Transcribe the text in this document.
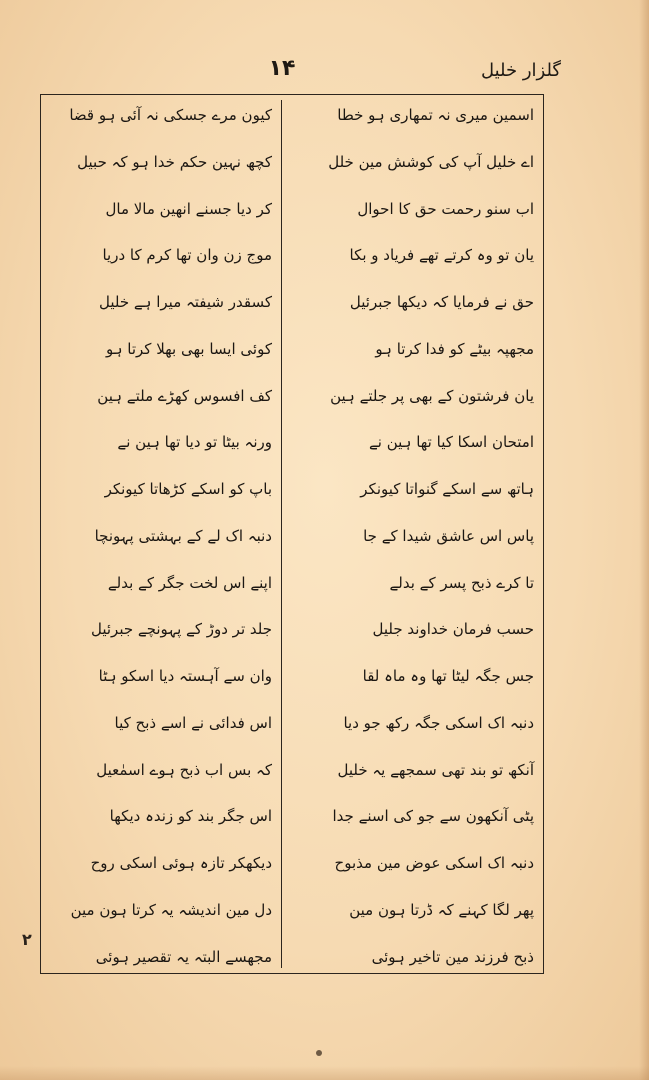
گلزار خلیل
۱۴
اسمین میری نہ تمھاری ہو خطا
اے خلیل آپ کی کوشش مین خلل
اب سنو رحمت حق کا احوال
یان تو وہ کرتے تھے فریاد و بکا
حق نے فرمایا کہ دیکھا جبرئیل
مجھپہ بیٹے کو فدا کرتا ہو
یان فرشتون کے بھی پر جلتے ہین
امتحان اسکا کیا تھا ہین نے
ہاتھ سے اسکے گنواتا کیونکر
پاس اس عاشق شیدا کے جا
تا کرے ذبح پسر کے بدلے
حسب فرمان خداوند جلیل
جس جگہ لیٹا تھا وہ ماہ لقا
دنبہ اک اسکی جگہ رکھ جو دیا
آنکھ تو بند تھی سمجھے یہ خلیل
پٹی آنکھون سے جو کی اسنے جدا
دنبہ اک اسکی عوض مین مذبوح
پھر لگا کہنے کہ ڈرتا ہون مین
ذبح فرزند مین تاخیر ہوئی
کیون مرے جسکی نہ آئی ہو قضا
کچھ نہین حکم خدا ہو کہ حبیل
کر دیا جسنے انھین مالا مال
موج زن وان تھا کرم کا دریا
کسقدر شیفتہ میرا ہے خلیل
کوئی ایسا بھی بھلا کرتا ہو
کف افسوس کھڑے ملتے ہین
ورنہ بیٹا تو دیا تھا ہین نے
باپ کو اسکے کڑھاتا کیونکر
دنبہ اک لے کے بہشتی پہونچا
اپنے اس لخت جگر کے بدلے
جلد تر دوڑ کے پہونچے جبرئیل
وان سے آہستہ دیا اسکو ہٹا
اس فدائی نے اسے ذبح کیا
کہ بس اب ذبح ہوے اسمٰعیل
اس جگر بند کو زندہ دیکھا
دیکھکر تازہ ہوئی اسکی روح
دل مین اندیشہ یہ کرتا ہون مین
مجھسے البتہ یہ تقصیر ہوئی
۲
